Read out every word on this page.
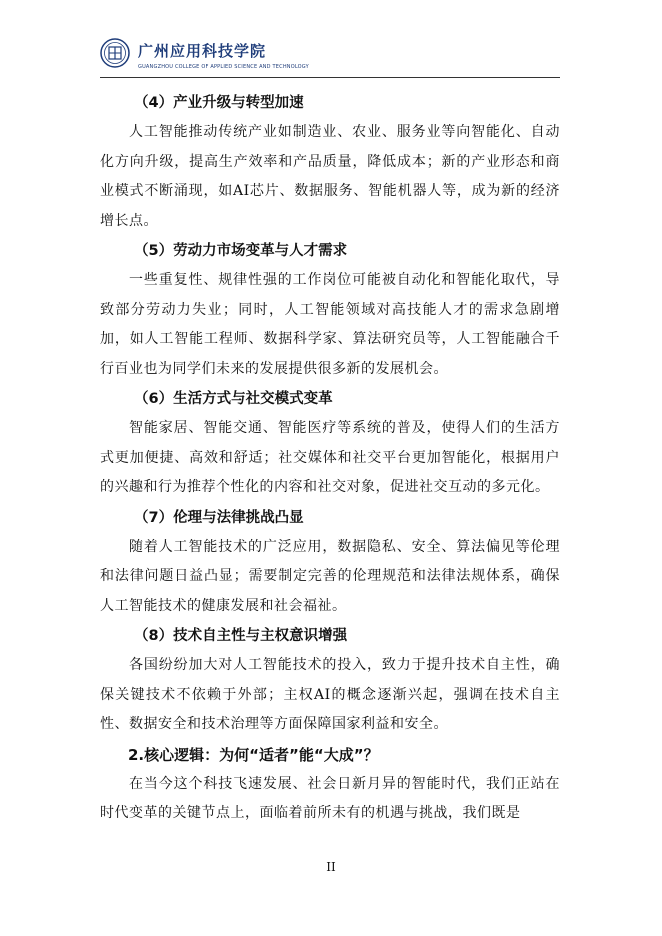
广州应用科技学院
GUANGZHOU COLLEGE OF APPLIED SCIENCE AND TECHNOLOGY
（4）产业升级与转型加速

人工智能推动传统产业如制造业、农业、服务业等向智能化、自动化方向升级，提高生产效率和产品质量，降低成本；新的产业形态和商业模式不断涌现，如AI芯片、数据服务、智能机器人等，成为新的经济增长点。

（5）劳动力市场变革与人才需求

一些重复性、规律性强的工作岗位可能被自动化和智能化取代，导致部分劳动力失业；同时，人工智能领域对高技能人才的需求急剧增加，如人工智能工程师、数据科学家、算法研究员等，人工智能融合千行百业也为同学们未来的发展提供很多新的发展机会。

（6）生活方式与社交模式变革

智能家居、智能交通、智能医疗等系统的普及，使得人们的生活方式更加便捷、高效和舒适；社交媒体和社交平台更加智能化，根据用户的兴趣和行为推荐个性化的内容和社交对象，促进社交互动的多元化。

（7）伦理与法律挑战凸显

随着人工智能技术的广泛应用，数据隐私、安全、算法偏见等伦理和法律问题日益凸显；需要制定完善的伦理规范和法律法规体系，确保人工智能技术的健康发展和社会福祉。

（8）技术自主性与主权意识增强

各国纷纷加大对人工智能技术的投入，致力于提升技术自主性，确保关键技术不依赖于外部；主权AI的概念逐渐兴起，强调在技术自主性、数据安全和技术治理等方面保障国家利益和安全。

2.核心逻辑：为何“适者”能“大成”？

在当今这个科技飞速发展、社会日新月异的智能时代，我们正站在时代变革的关键节点上，面临着前所未有的机遇与挑战，我们既是

II
